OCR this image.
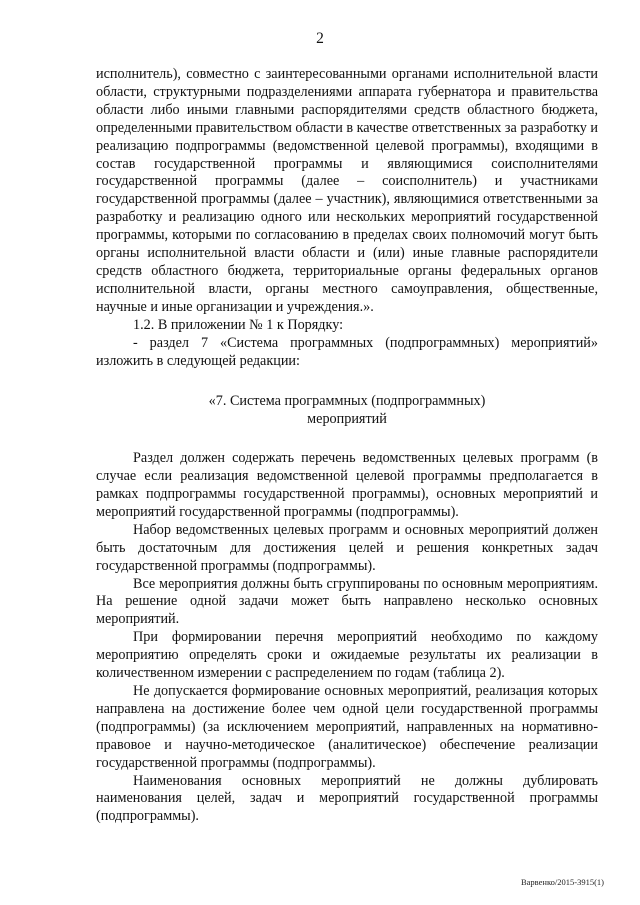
2

исполнитель), совместно с заинтересованными органами исполнительной власти области, структурными подразделениями аппарата губернатора и правительства области либо иными главными распорядителями средств областного бюджета, определенными правительством области в качестве ответственных за разработку и реализацию подпрограммы (ведомственной целевой программы), входящими в состав государственной программы и являющимися соисполнителями государственной программы (далее – соисполнитель) и участниками государственной программы (далее – участник), являющимися ответственными за разработку и реализацию одного или нескольких мероприятий государственной программы, которыми по согласованию в пределах своих полномочий могут быть органы исполнительной власти области и (или) иные главные распорядители средств областного бюджета, территориальные органы федеральных органов исполнительной власти, органы местного самоуправления, общественные, научные и иные организации и учреждения.».

1.2. В приложении № 1 к Порядку:

- раздел 7 «Система программных (подпрограммных) мероприятий» изложить в следующей редакции:

«7. Система программных (подпрограммных)
мероприятий

Раздел должен содержать перечень ведомственных целевых программ (в случае если реализация ведомственной целевой программы предполагается в рамках подпрограммы государственной программы), основных мероприятий и мероприятий государственной программы (подпрограммы).

Набор ведомственных целевых программ и основных мероприятий должен быть достаточным для достижения целей и решения конкретных задач государственной программы (подпрограммы).

Все мероприятия должны быть сгруппированы по основным мероприятиям. На решение одной задачи может быть направлено несколько основных мероприятий.

При формировании перечня мероприятий необходимо по каждому мероприятию определять сроки и ожидаемые результаты их реализации в количественном измерении с распределением по годам (таблица 2).

Не допускается формирование основных мероприятий, реализация которых направлена на достижение более чем одной цели государственной программы (подпрограммы) (за исключением мероприятий, направленных на нормативно-правовое и научно-методическое (аналитическое) обеспечение реализации государственной программы (подпрограммы).

Наименования основных мероприятий не должны дублировать наименования целей, задач и мероприятий государственной программы (подпрограммы).

Варвенко/2015-3915(1)
